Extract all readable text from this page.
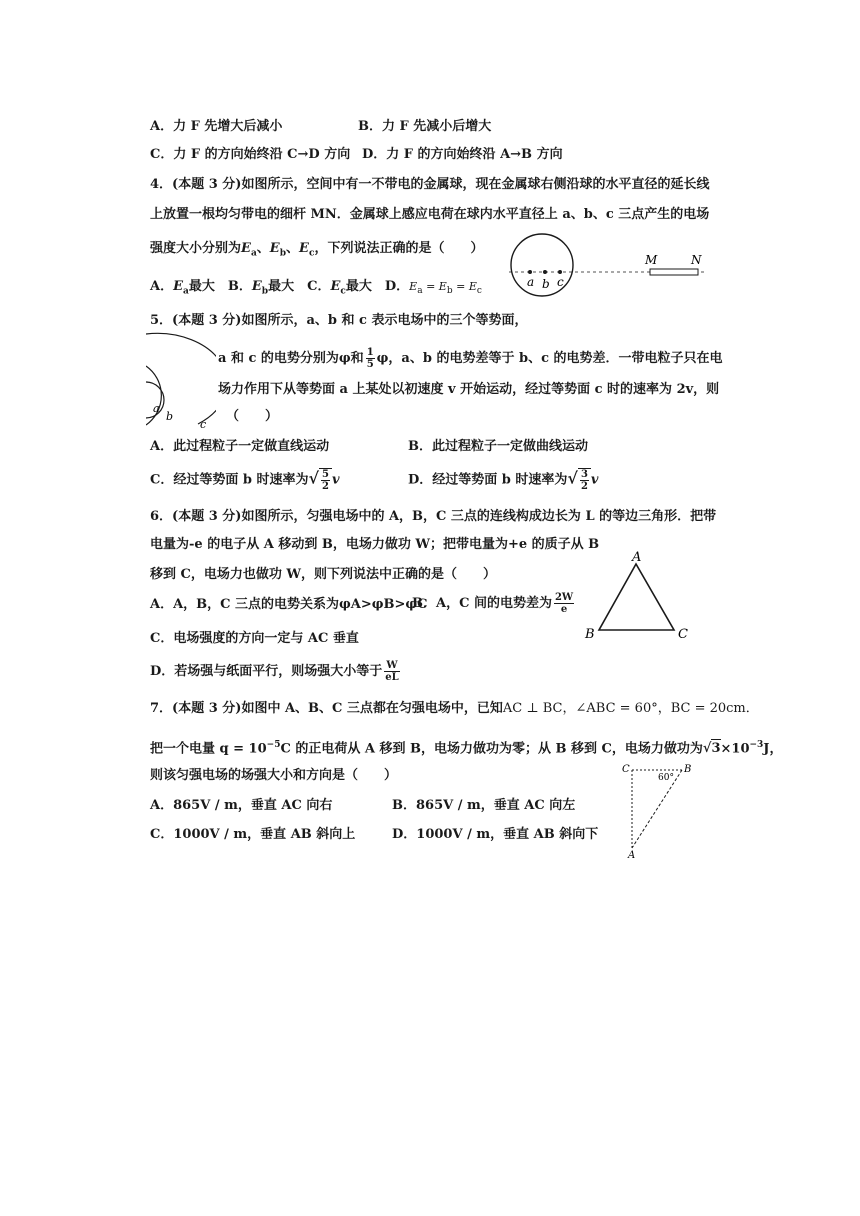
A．力 F 先增大后减小	B．力 F 先减小后增大
C．力 F 的方向始终沿 C→D 方向 D．力 F 的方向始终沿 A→B 方向
4．(本题 3 分)如图所示，空间中有一不带电的金属球，现在金属球右侧沿球的水平直径的延长线
上放置一根均匀带电的细杆 MN．金属球上感应电荷在球内水平直径上 a、b、c 三点产生的电场
强度大小分别为$E_a$、$E_b$、$E_c$，下列说法正确的是（　　）
A．$E_a$最大　B．$E_b$最大　C．$E_c$最大　D．$E_a = E_b = E_c$
a b c
M	N
5．(本题 3 分)如图所示，a、b 和 c 表示电场中的三个等势面，
a 和 c 的电势分别为φ和 $\frac{1}{5}$ φ，a、b 的电势差等于 b、c 的电势差．一带电粒子只在电
场力作用下从等势面 a 上某处以初速度 v 开始运动，经过等势面 c 时的速率为 2v，则
（　　）
a
b
c
A．此过程粒子一定做直线运动	B．此过程粒子一定做曲线运动
C．经过等势面 b 时速率为√ $\frac{5}{2}$ v	D．经过等势面 b 时速率为√ $\frac{3}{2}$ v
6．(本题 3 分)如图所示，匀强电场中的 A，B，C 三点的连线构成边长为 L 的等边三角形．把带
电量为-e 的电子从 A 移动到 B，电场力做功 W；把带电量为+e 的质子从 B
移到 C，电场力也做功 W，则下列说法中正确的是（　　）
A．A，B，C 三点的电势关系为φA>φB>φC
B．A，C 间的电势差为 $\frac{2W}{e}$
C．电场强度的方向一定与 AC 垂直
D．若场强与纸面平行，则场强大小等于 $\frac{W}{eL}$
A
B	C
7．(本题 3 分)如图中 A、B、C 三点都在匀强电场中，已知AC ⊥ BC，∠ABC = 60°，BC = 20cm．
把一个电量 $q = 10^{-5}C$ 的正电荷从 A 移到 B，电场力做功为零；从 B 移到 C，电场力做功为$√3\times 10^{-3}J$，
则该匀强电场的场强大小和方向是（　　）
A．865V / m，垂直 AC 向右	B．865V / m，垂直 AC 向左
C．1000V / m，垂直 AB 斜向上	D．1000V / m，垂直 AB 斜向下
C	B
A
60°
